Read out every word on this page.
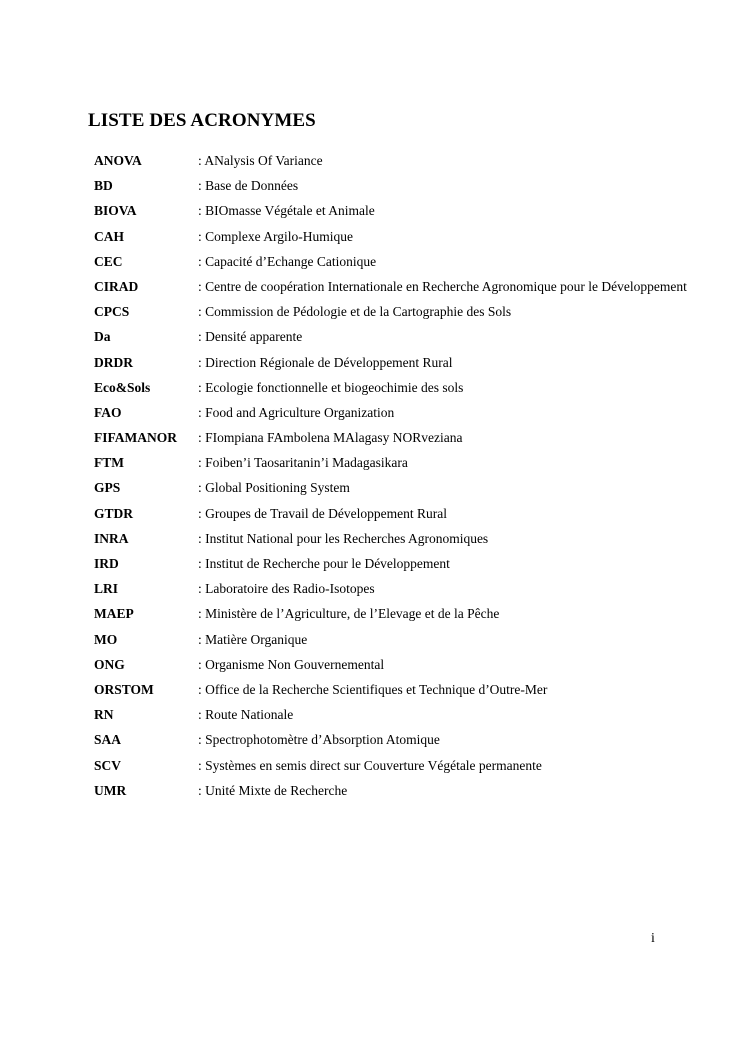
LISTE DES ACRONYMES
ANOVA	: ANalysis Of Variance
BD	: Base de Données
BIOVA	: BIOmasse Végétale et Animale
CAH	: Complexe Argilo-Humique
CEC	: Capacité d’Echange Cationique
CIRAD	: Centre de coopération Internationale en Recherche Agronomique pour le Développement
CPCS	: Commission de Pédologie et de la Cartographie des Sols
Da	: Densité apparente
DRDR	: Direction Régionale de Développement Rural
Eco&Sols	: Ecologie fonctionnelle et biogeochimie des sols
FAO	: Food and Agriculture Organization
FIFAMANOR : FIompiana FAmbolena MAlagasy NORveziana
FTM	: Foiben’i Taosaritanin’i Madagasikara
GPS	: Global Positioning System
GTDR	: Groupes de Travail de Développement Rural
INRA	: Institut National pour les Recherches Agronomiques
IRD	: Institut de Recherche pour le Développement
LRI	: Laboratoire des Radio-Isotopes
MAEP	: Ministère de l’Agriculture, de l’Elevage et de la Pêche
MO	: Matière Organique
ONG	: Organisme Non Gouvernemental
ORSTOM	: Office de la Recherche Scientifiques et Technique d’Outre-Mer
RN	: Route Nationale
SAA	: Spectrophotomètre d’Absorption Atomique
SCV	: Systèmes en semis direct sur Couverture Végétale permanente
UMR	: Unité Mixte de Recherche
i
